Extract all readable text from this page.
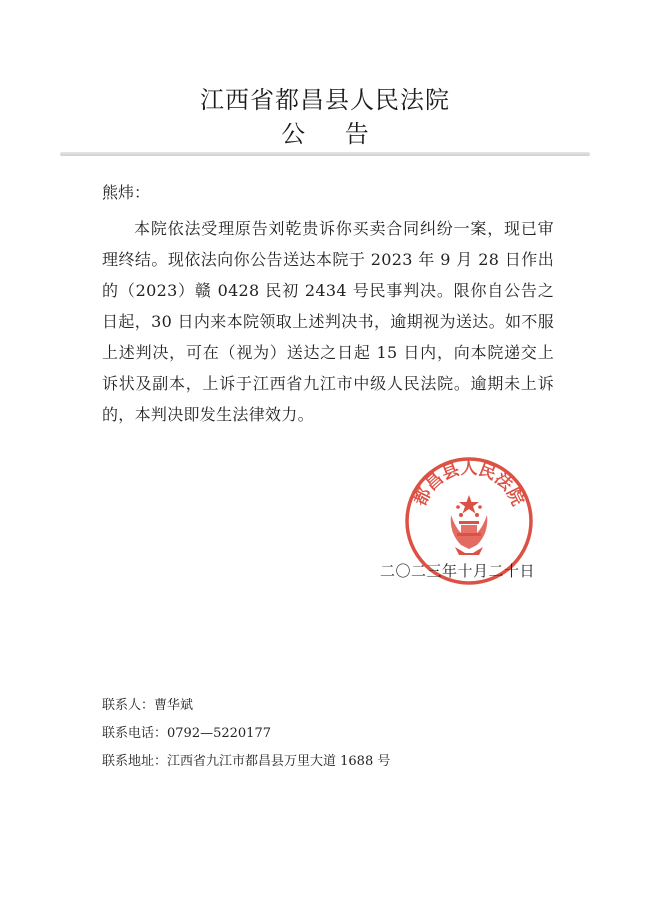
江西省都昌县人民法院
公 告
熊炜：
本院依法受理原告刘乾贵诉你买卖合同纠纷一案，现已审理终结。现依法向你公告送达本院于 2023 年 9 月 28 日作出的（2023）赣 0428 民初 2434 号民事判决。限你自公告之日起，30 日内来本院领取上述判决书，逾期视为送达。如不服上述判决，可在（视为）送达之日起 15 日内，向本院递交上诉状及副本，上诉于江西省九江市中级人民法院。逾期未上诉的，本判决即发生法律效力。
都昌县人民法院
二〇二三年十月二十日
联系人：曹华斌
联系电话：0792—5220177
联系地址：江西省九江市都昌县万里大道 1688 号
